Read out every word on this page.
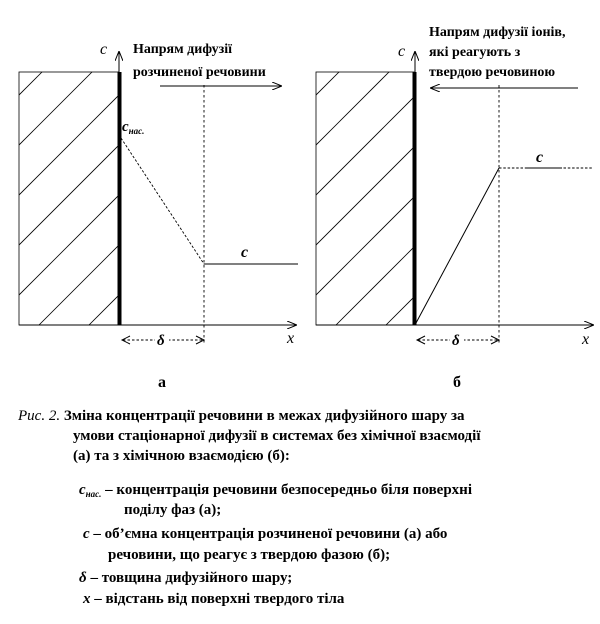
c
x
Напрям дифузії
розчиненої речовини
$c_{нас.}$
c
δ
а
c
x
Напрям дифузії іонів,
які реагують з
твердою речовиною
c
δ
б
Рис. 2. Зміна концентрації речовини в межах дифузійного шару за
умови стаціонарної дифузії в системах без хімічної взаємодії
(а) та з хімічною взаємодією (б):
$c_{нас.}$ – концентрація речовини безпосередньо біля поверхні
поділу фаз (а);
c – об’ємна концентрація розчиненої речовини (а) або
речовини, що реагує з твердою фазою (б);
δ – товщина дифузійного шару;
x – відстань від поверхні твердого тіла
